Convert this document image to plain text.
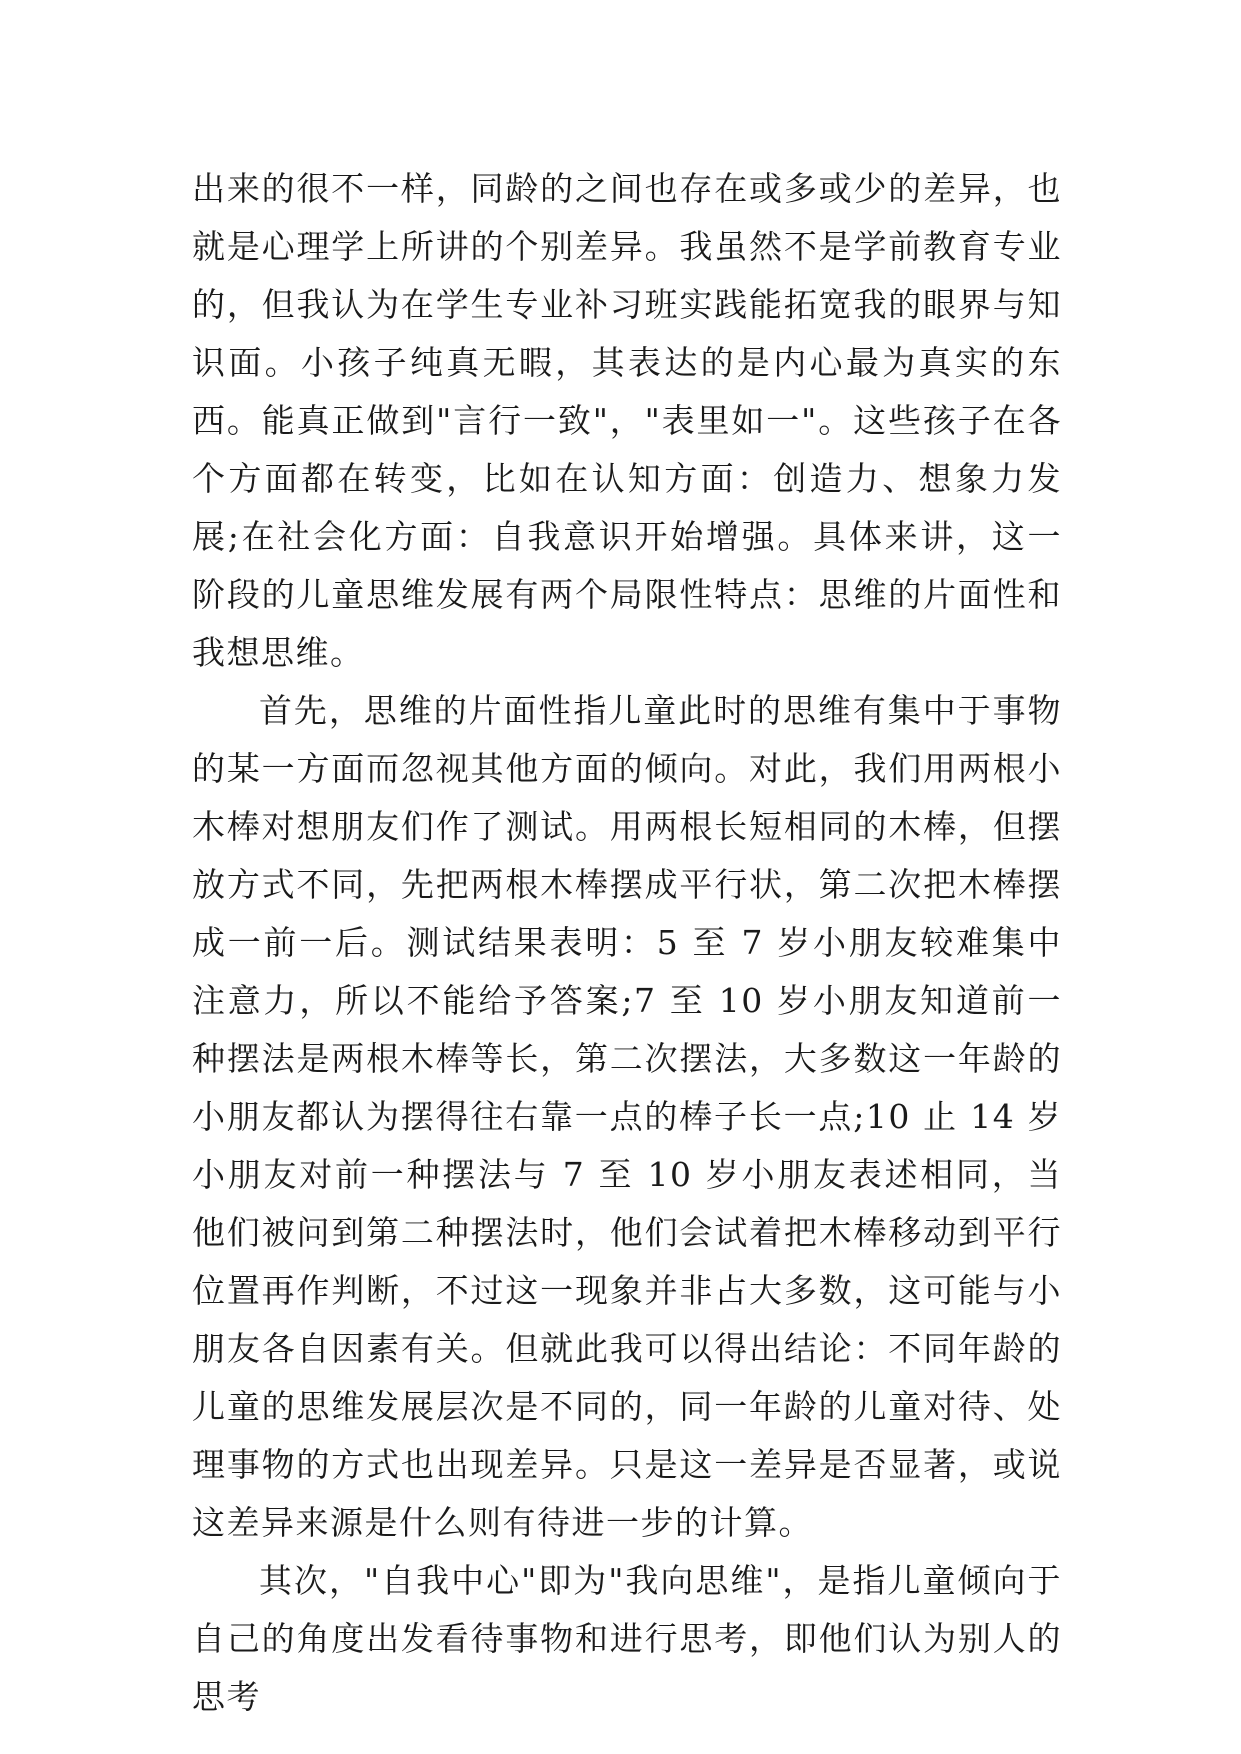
出来的很不一样，同龄的之间也存在或多或少的差异，也就是心理学上所讲的个别差异。我虽然不是学前教育专业的，但我认为在学生专业补习班实践能拓宽我的眼界与知识面。小孩子纯真无暇，其表达的是内心最为真实的东西。能真正做到"言行一致"，"表里如一"。这些孩子在各个方面都在转变，比如在认知方面：创造力、想象力发展;在社会化方面：自我意识开始增强。具体来讲，这一阶段的儿童思维发展有两个局限性特点：思维的片面性和我想思维。

首先，思维的片面性指儿童此时的思维有集中于事物的某一方面而忽视其他方面的倾向。对此，我们用两根小木棒对想朋友们作了测试。用两根长短相同的木棒，但摆放方式不同，先把两根木棒摆成平行状，第二次把木棒摆成一前一后。测试结果表明：5 至 7 岁小朋友较难集中注意力，所以不能给予答案;7 至 10 岁小朋友知道前一种摆法是两根木棒等长，第二次摆法，大多数这一年龄的小朋友都认为摆得往右靠一点的棒子长一点;10 止 14 岁小朋友对前一种摆法与 7 至 10 岁小朋友表述相同，当他们被问到第二种摆法时，他们会试着把木棒移动到平行位置再作判断，不过这一现象并非占大多数，这可能与小朋友各自因素有关。但就此我可以得出结论：不同年龄的儿童的思维发展层次是不同的，同一年龄的儿童对待、处理事物的方式也出现差异。只是这一差异是否显著，或说这差异来源是什么则有待进一步的计算。

其次，"自我中心"即为"我向思维"，是指儿童倾向于自己的角度出发看待事物和进行思考，即他们认为别人的思考
